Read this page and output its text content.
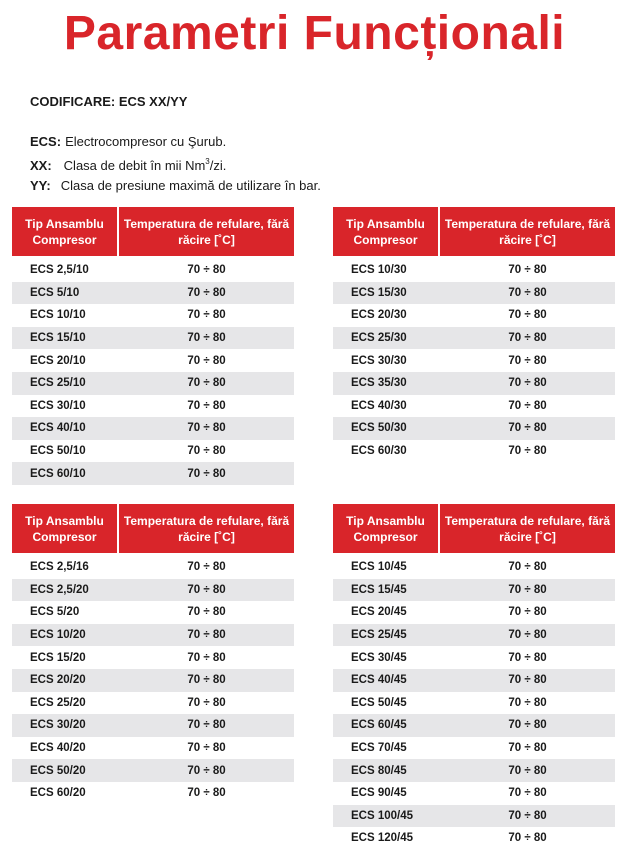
Parametri Funcționali
CODIFICARE: ECS XX/YY
ECS: Electrocompresor cu Şurub.
XX: Clasa de debit în mii Nm$^3$/zi.
YY: Clasa de presiune maximă de utilizare în bar.
Tip Ansamblu Compresor
Temperatura de refulare, fără răcire [˚C]
ECS 2,5/10	70 ÷ 80
ECS 5/10	70 ÷ 80
ECS 10/10	70 ÷ 80
ECS 15/10	70 ÷ 80
ECS 20/10	70 ÷ 80
ECS 25/10	70 ÷ 80
ECS 30/10	70 ÷ 80
ECS 40/10	70 ÷ 80
ECS 50/10	70 ÷ 80
ECS 60/10	70 ÷ 80
Tip Ansamblu Compresor
Temperatura de refulare, fără răcire [˚C]
ECS 10/30	70 ÷ 80
ECS 15/30	70 ÷ 80
ECS 20/30	70 ÷ 80
ECS 25/30	70 ÷ 80
ECS 30/30	70 ÷ 80
ECS 35/30	70 ÷ 80
ECS 40/30	70 ÷ 80
ECS 50/30	70 ÷ 80
ECS 60/30	70 ÷ 80
Tip Ansamblu Compresor
Temperatura de refulare, fără răcire [˚C]
ECS 2,5/16	70 ÷ 80
ECS 2,5/20	70 ÷ 80
ECS 5/20	70 ÷ 80
ECS 10/20	70 ÷ 80
ECS 15/20	70 ÷ 80
ECS 20/20	70 ÷ 80
ECS 25/20	70 ÷ 80
ECS 30/20	70 ÷ 80
ECS 40/20	70 ÷ 80
ECS 50/20	70 ÷ 80
ECS 60/20	70 ÷ 80
Tip Ansamblu Compresor
Temperatura de refulare, fără răcire [˚C]
ECS 10/45	70 ÷ 80
ECS 15/45	70 ÷ 80
ECS 20/45	70 ÷ 80
ECS 25/45	70 ÷ 80
ECS 30/45	70 ÷ 80
ECS 40/45	70 ÷ 80
ECS 50/45	70 ÷ 80
ECS 60/45	70 ÷ 80
ECS 70/45	70 ÷ 80
ECS 80/45	70 ÷ 80
ECS 90/45	70 ÷ 80
ECS 100/45	70 ÷ 80
ECS 120/45	70 ÷ 80
